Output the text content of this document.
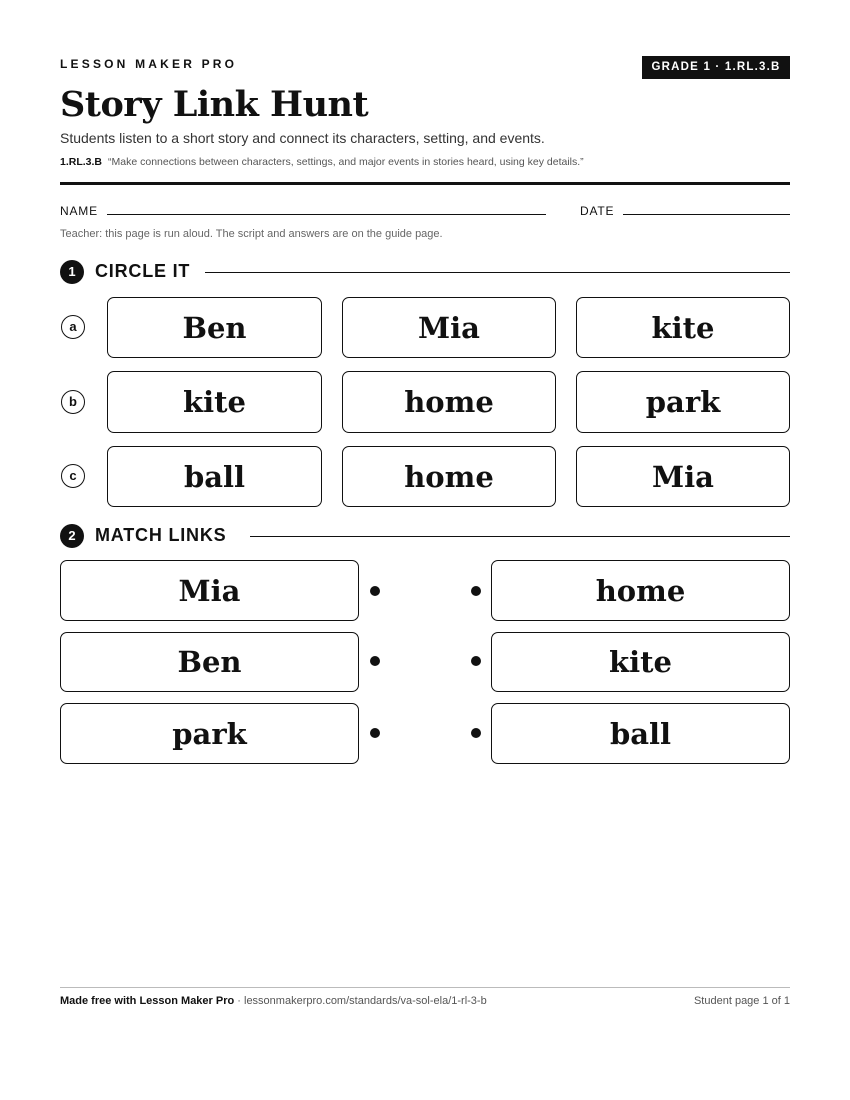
LESSON MAKER PRO	GRADE 1 · 1.RL.3.B
Story Link Hunt
Students listen to a short story and connect its characters, setting, and events.
1.RL.3.B “Make connections between characters, settings, and major events in stories heard, using key details.”
NAME	DATE
Teacher: this page is run aloud. The script and answers are on the guide page.
1	CIRCLE IT
a	Ben	Mia	kite
b	kite	home	park
c	ball	home	Mia
2	MATCH LINKS
Mia	home
Ben	kite
park	ball
Made free with Lesson Maker Pro · lessonmakerpro.com/standards/va-sol-ela/1-rl-3-b	Student page 1 of 1
